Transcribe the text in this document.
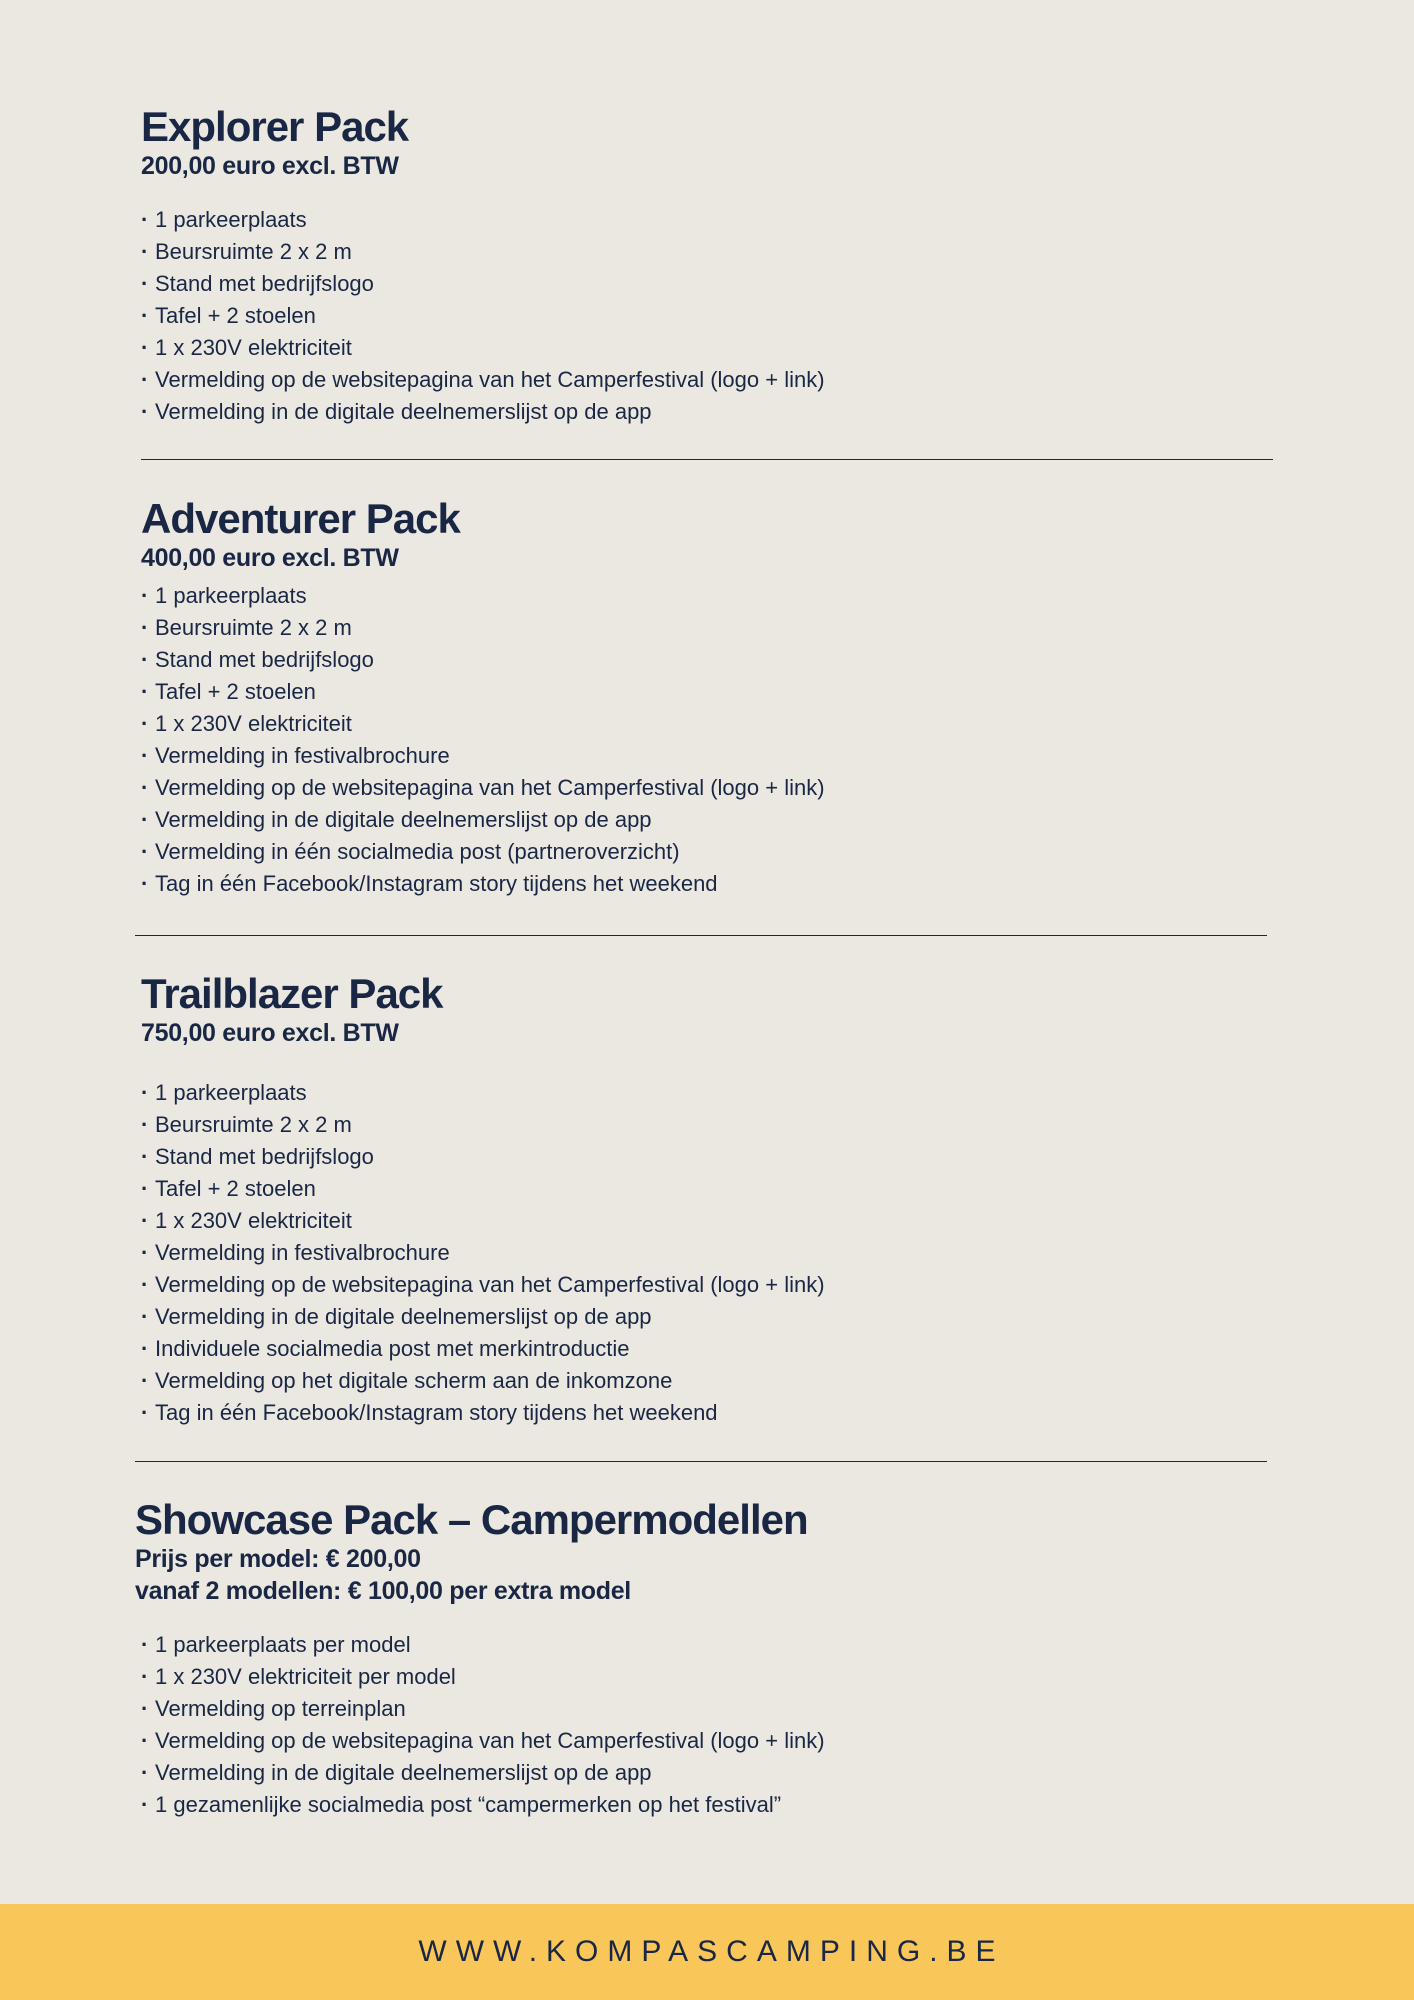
Explorer Pack

200,00 euro excl. BTW

· 1 parkeerplaats
· Beursruimte 2 x 2 m
· Stand met bedrijfslogo
· Tafel + 2 stoelen
· 1 x 230V elektriciteit
· Vermelding op de websitepagina van het Camperfestival (logo + link)
· Vermelding in de digitale deelnemerslijst op de app
Adventurer Pack

400,00 euro excl. BTW

· 1 parkeerplaats
· Beursruimte 2 x 2 m
· Stand met bedrijfslogo
· Tafel + 2 stoelen
· 1 x 230V elektriciteit
· Vermelding in festivalbrochure
· Vermelding op de websitepagina van het Camperfestival (logo + link)
· Vermelding in de digitale deelnemerslijst op de app
· Vermelding in één socialmedia post (partneroverzicht)
· Tag in één Facebook/Instagram story tijdens het weekend
Trailblazer Pack

750,00 euro excl. BTW

· 1 parkeerplaats
· Beursruimte 2 x 2 m
· Stand met bedrijfslogo
· Tafel + 2 stoelen
· 1 x 230V elektriciteit
· Vermelding in festivalbrochure
· Vermelding op de websitepagina van het Camperfestival (logo + link)
· Vermelding in de digitale deelnemerslijst op de app
· Individuele socialmedia post met merkintroductie
· Vermelding op het digitale scherm aan de inkomzone
· Tag in één Facebook/Instagram story tijdens het weekend
Showcase Pack – Campermodellen

Prijs per model: € 200,00

vanaf 2 modellen: € 100,00 per extra model

· 1 parkeerplaats per model
· 1 x 230V elektriciteit per model
· Vermelding op terreinplan
· Vermelding op de websitepagina van het Camperfestival (logo + link)
· Vermelding in de digitale deelnemerslijst op de app
· 1 gezamenlijke socialmedia post “campermerken op het festival”
WWW.KOMPASCAMPING.BE
